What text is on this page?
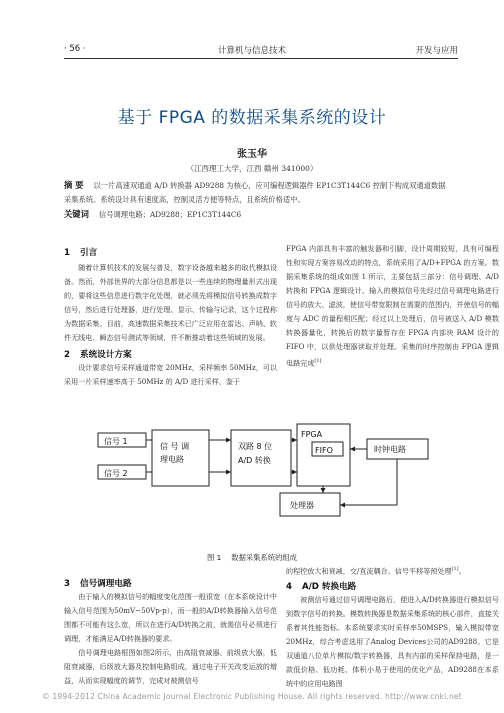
· 56 ·	计算机与信息技术	开发与应用
基于 FPGA 的数据采集系统的设计
张玉华
（江西理工大学，江西 赣州 341000）
摘 要 以一片高速双通道 A/D 转换器 AD9288 为核心，应可编程逻辑器件 EP1C3T144C6 控制下构成双通道数据
采集系统。系统设计具有速度高，控制灵活方便等特点，且系统价格适中。
关键词 信号调理电路；AD9288；EP1C3T144C6
1 引言

随着计算机技术的发展与普及，数字设备越来越多的取代模拟设备。然而，外部世界的大部分信息都是以一些连续的物理量形式出现的，要将这些信息进行数字化处理，就必须先将模拟信号转换成数字信号，然后进行处理器，进行处理、显示、传输与记录，这个过程称为数据采集。目前，高速数据采集技术已广泛应用在雷达、声呐、软件无线电、瞬态信号测试等领域，并不断推动着这些领域的发展。

2 系统设计方案

设计要求信号采样通道带宽 20MHz，采样频率 50MHz，可以采用一片采样速率高于 50MHz 的 A/D 进行采样，鉴于

FPGA 内部具有丰富的触发器和引脚，设计周期较短，具有可编程性和实现方案容易改动的特点，系统采用了A/D+FPGA 的方案。数据采集系统的组成如图 1 所示，主要包括三部分：信号调理、A/D 转换和 FPGA 逻辑设计。输入的模拟信号先经过信号调理电路进行信号的放大、滤波，使信号带宽限制在需要的范围内，并使信号的幅度与 ADC 的量程相匹配；经过以上处理后，信号被送入 A/D 模数转换器量化，转换后的数字量暂存在 FPGA 内部块 RAM 设计的 FIFO 中，以供处理器读取并处理。采集的时序控制由 FPGA 逻辑电路完成[1]

信号 1
信号 2
信 号 调
理电路
双路 8 位
A/D 转换
FPGA
FIFO	时钟电路
处理器
图 1 数据采集系统的组成
3 信号调理电路

由于输入的模拟信号的幅度变化范围一般很宽（在本系统设计中输入信号范围为50mV~50Vp-p），而一般的A/D转换器输入信号范围都不可能有这么宽，所以在进行A/D转换之前，就需信号必须进行调理，才能满足A/D转换器的要求。

信号调理电路框图如图2所示，由高阻衰减器、前级放大器，低阻衰减器，后级放大器及控制电路组成，通过电子开关改变运放的增益，从而实现幅度的调节，完成对被测信号

的程控放大和衰减，交/直流耦合、信号平移等预处理[1]。

4 A/D 转换电路

被测信号通过信号调理电路后，便进入A/D转换器进行模拟信号到数字信号的转换。模数转换器是数据采集系统的核心部件，直接关系着其性能指标。本系统要求实时采样率50MSPS，输入模拟带宽20MHz，综合考虑选用了Analog Devices公司的AD9288。它是双通道八位单片模拟/数字转换器，具有内部的采样保持电路，是一款低价格、低功耗、体积小易于使用的优化产品，AD9288在本系统中的应用电路图

© 1994-2012 China Academic Journal Electronic Publishing House. All rights reserved. http://www.cnki.net
